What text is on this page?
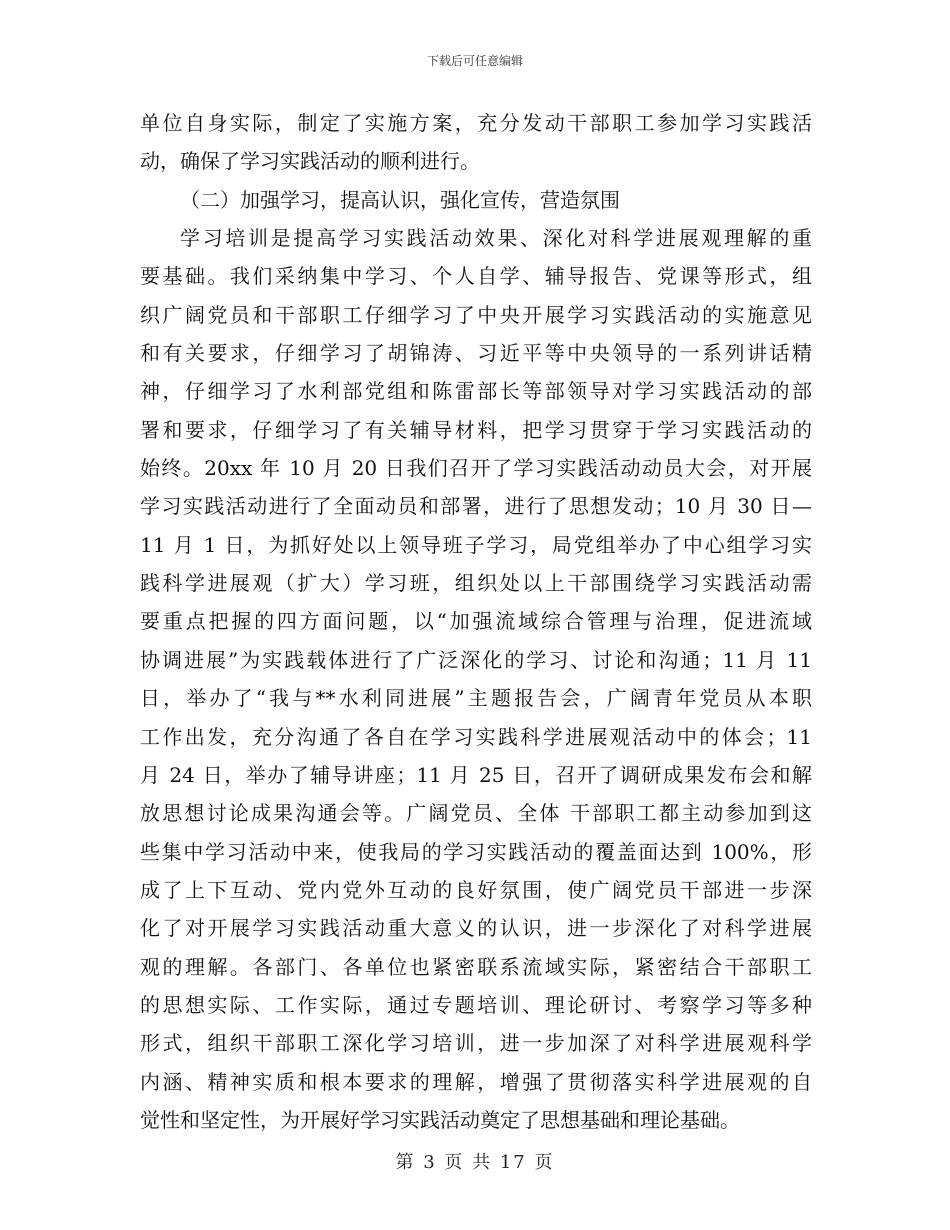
下载后可任意编辑
单位自身实际，制定了实施方案，充分发动干部职工参加学习实践活
动，确保了学习实践活动的顺利进行。
（二）加强学习，提高认识，强化宣传，营造氛围
学习培训是提高学习实践活动效果、深化对科学进展观理解的重
要基础。我们采纳集中学习、个人自学、辅导报告、党课等形式，组
织广阔党员和干部职工仔细学习了中央开展学习实践活动的实施意见
和有关要求，仔细学习了胡锦涛、习近平等中央领导的一系列讲话精
神，仔细学习了水利部党组和陈雷部长等部领导对学习实践活动的部
署和要求，仔细学习了有关辅导材料，把学习贯穿于学习实践活动的
始终。20xx 年 10 月 20 日我们召开了学习实践活动动员大会，对开展
学习实践活动进行了全面动员和部署，进行了思想发动；10 月 30 日—
11 月 1 日，为抓好处以上领导班子学习，局党组举办了中心组学习实
践科学进展观（扩大）学习班，组织处以上干部围绕学习实践活动需
要重点把握的四方面问题，以“加强流域综合管理与治理，促进流域
协调进展”为实践载体进行了广泛深化的学习、讨论和沟通；11 月 11
日，举办了“我与**水利同进展”主题报告会，广阔青年党员从本职
工作出发，充分沟通了各自在学习实践科学进展观活动中的体会；11
月 24 日，举办了辅导讲座；11 月 25 日，召开了调研成果发布会和解
放思想讨论成果沟通会等。广阔党员、全体 干部职工都主动参加到这
些集中学习活动中来，使我局的学习实践活动的覆盖面达到 100%，形
成了上下互动、党内党外互动的良好氛围，使广阔党员干部进一步深
化了对开展学习实践活动重大意义的认识，进一步深化了对科学进展
观的理解。各部门、各单位也紧密联系流域实际，紧密结合干部职工
的思想实际、工作实际，通过专题培训、理论研讨、考察学习等多种
形式，组织干部职工深化学习培训，进一步加深了对科学进展观科学
内涵、精神实质和根本要求的理解，增强了贯彻落实科学进展观的自
觉性和坚定性，为开展好学习实践活动奠定了思想基础和理论基础。
第 3 页 共 17 页
